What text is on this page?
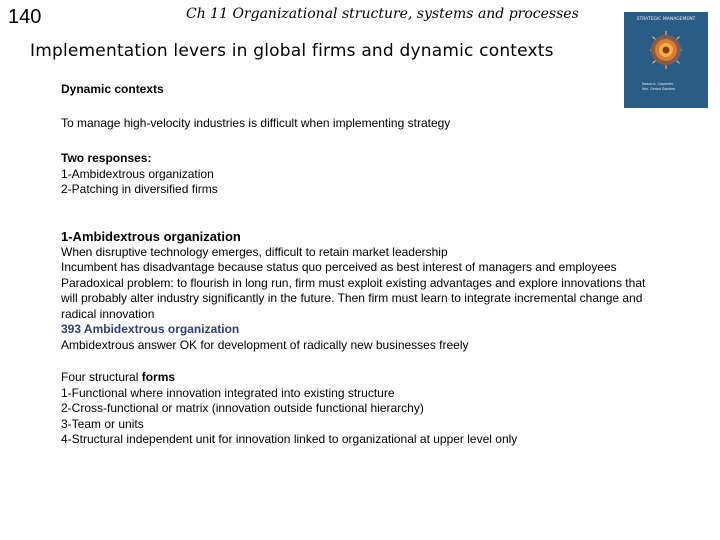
140	Ch 11 Organizational structure, systems and processes
Implementation levers in global firms and dynamic contexts
STRATEGIC MANAGEMENT
Mason A. Carpenter
Wm. Gerard Sanders

Dynamic contexts

To manage high-velocity industries is difficult when implementing strategy

Two responses:

1-Ambidextrous organization

2-Patching in diversified firms

1-Ambidextrous organization

When disruptive technology emerges, difficult to retain market leadership

Incumbent has disadvantage because status quo perceived as best interest of managers and employees

Paradoxical problem: to flourish in long run, firm must exploit existing advantages and explore innovations that will probably alter industry significantly in the future. Then firm must learn to integrate incremental change and radical innovation

393 Ambidextrous organization

Ambidextrous answer OK for development of radically new businesses freely

Four structural forms

1-Functional where innovation integrated into existing structure

2-Cross-functional or matrix (innovation outside functional hierarchy)

3-Team or units

4-Structural independent unit for innovation linked to organizational at upper level only
